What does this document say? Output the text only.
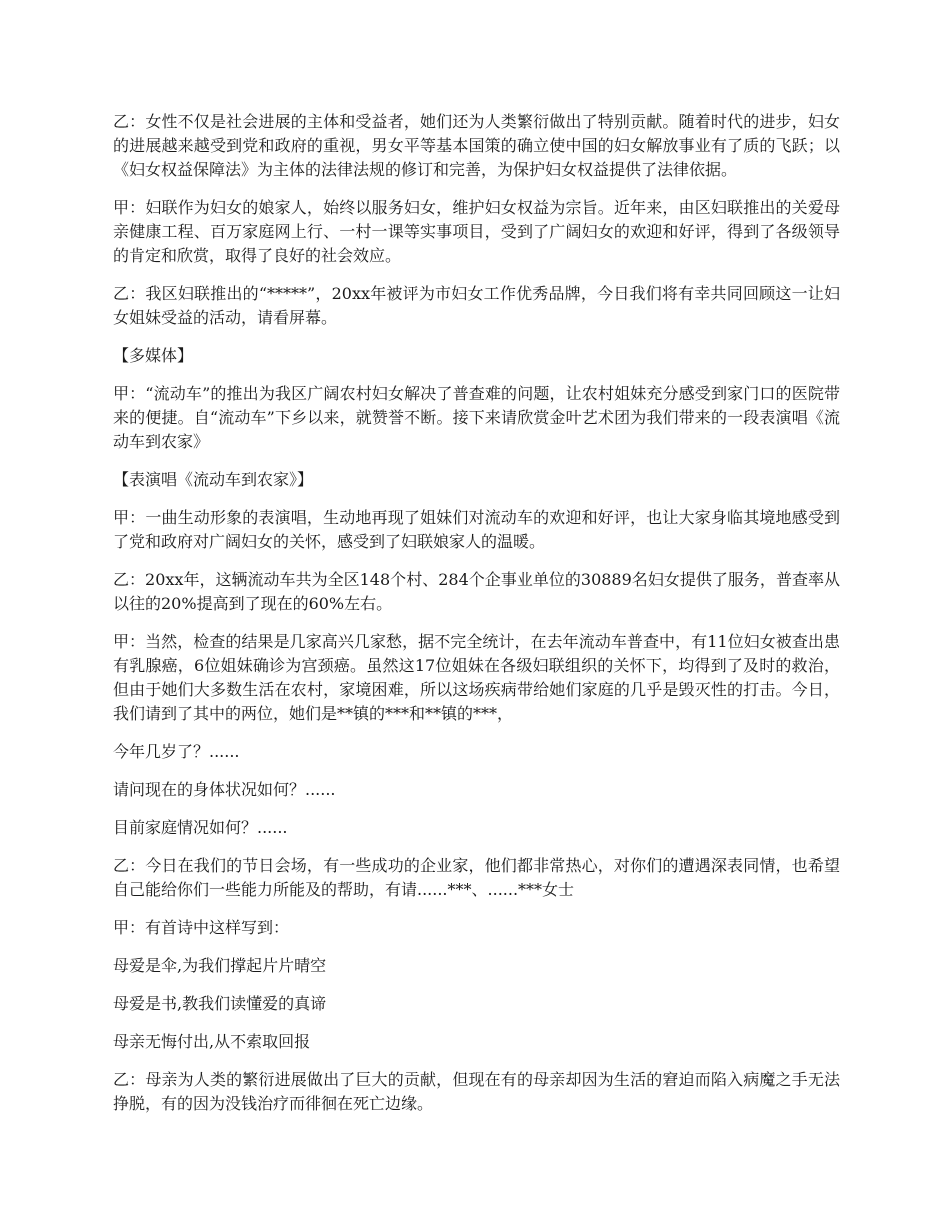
乙：女性不仅是社会进展的主体和受益者，她们还为人类繁衍做出了特别贡献。随着时代的进步，妇女的进展越来越受到党和政府的重视，男女平等基本国策的确立使中国的妇女解放事业有了质的飞跃；以《妇女权益保障法》为主体的法律法规的修订和完善，为保护妇女权益提供了法律依据。

甲：妇联作为妇女的娘家人，始终以服务妇女，维护妇女权益为宗旨。近年来，由区妇联推出的关爱母亲健康工程、百万家庭网上行、一村一课等实事项目，受到了广阔妇女的欢迎和好评，得到了各级领导的肯定和欣赏，取得了良好的社会效应。

乙：我区妇联推出的“*****”，20xx年被评为市妇女工作优秀品牌，今日我们将有幸共同回顾这一让妇女姐妹受益的活动，请看屏幕。

【多媒体】

甲：“流动车”的推出为我区广阔农村妇女解决了普查难的问题，让农村姐妹充分感受到家门口的医院带来的便捷。自“流动车”下乡以来，就赞誉不断。接下来请欣赏金叶艺术团为我们带来的一段表演唱《流动车到农家》

【表演唱《流动车到农家》】

甲：一曲生动形象的表演唱，生动地再现了姐妹们对流动车的欢迎和好评，也让大家身临其境地感受到了党和政府对广阔妇女的关怀，感受到了妇联娘家人的温暖。

乙：20xx年，这辆流动车共为全区148个村、284个企事业单位的30889名妇女提供了服务，普查率从以往的20%提高到了现在的60%左右。

甲：当然，检查的结果是几家高兴几家愁，据不完全统计，在去年流动车普查中，有11位妇女被查出患有乳腺癌，6位姐妹确诊为宫颈癌。虽然这17位姐妹在各级妇联组织的关怀下，均得到了及时的救治，但由于她们大多数生活在农村，家境困难，所以这场疾病带给她们家庭的几乎是毁灭性的打击。今日，我们请到了其中的两位，她们是**镇的***和**镇的***，

今年几岁了？......

请问现在的身体状况如何？......

目前家庭情况如何？......

乙：今日在我们的节日会场，有一些成功的企业家，他们都非常热心，对你们的遭遇深表同情，也希望自己能给你们一些能力所能及的帮助，有请......***、......***女士

甲：有首诗中这样写到：

母爱是伞,为我们撑起片片晴空

母爱是书,教我们读懂爱的真谛

母亲无悔付出,从不索取回报

乙：母亲为人类的繁衍进展做出了巨大的贡献，但现在有的母亲却因为生活的窘迫而陷入病魔之手无法挣脱，有的因为没钱治疗而徘徊在死亡边缘。
